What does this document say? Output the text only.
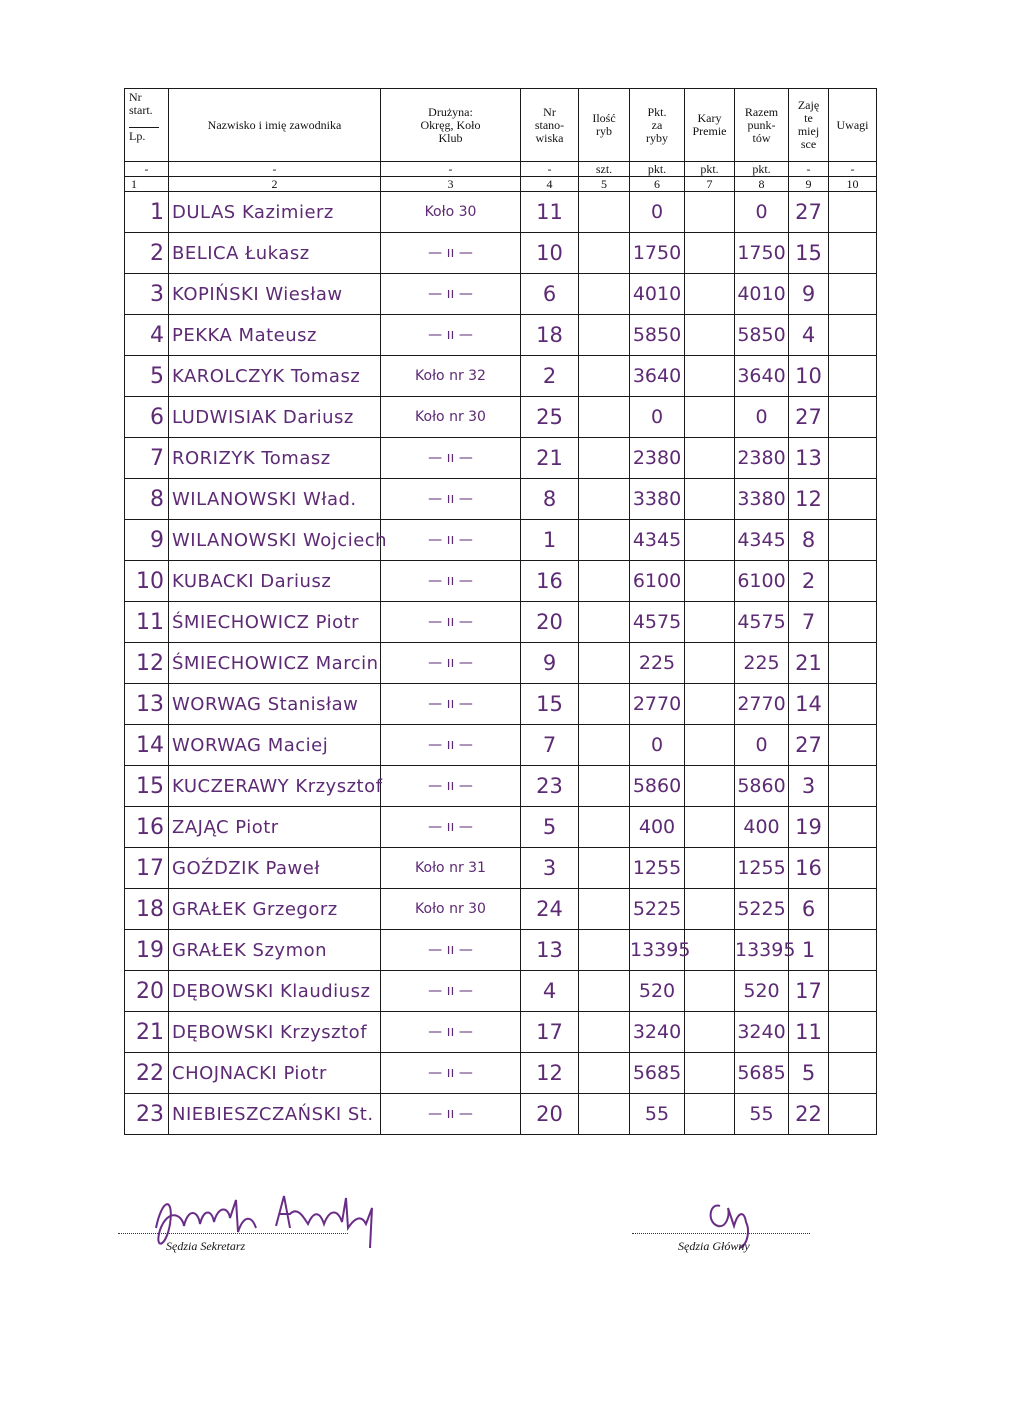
Nr
start.
Lp.	Nazwisko i imię zawodnika	Drużyna:
Okręg, Koło
Klub	Nr
stano-
wiska	Ilość
ryb	Pkt.
za
ryby	Kary
Premie	Razem
punk-
tów	Zaję
te
miej
sce	Uwagi
-	-	-	-	szt.	pkt.	pkt.	pkt.	-	-
1	2	3	4	5	6	7	8	9	10
1	DULAS Kazimierz	Koło 30	11		0		0	27	
2	BELICA Łukasz	— ıı —	10		1750		1750	15	
3	KOPIŃSKI Wiesław	— ıı —	6		4010		4010	9	
4	PEKKA Mateusz	— ıı —	18		5850		5850	4	
5	KAROLCZYK Tomasz	Koło nr 32	2		3640		3640	10	
6	LUDWISIAK Dariusz	Koło nr 30	25		0		0	27	
7	RORIZYK Tomasz	— ıı —	21		2380		2380	13	
8	WILANOWSKI Wład.	— ıı —	8		3380		3380	12	
9	WILANOWSKI Wojciech	— ıı —	1		4345		4345	8	
10	KUBACKI Dariusz	— ıı —	16		6100		6100	2	
11	ŚMIECHOWICZ Piotr	— ıı —	20		4575		4575	7	
12	ŚMIECHOWICZ Marcin	— ıı —	9		225		225	21	
13	WORWAG Stanisław	— ıı —	15		2770		2770	14	
14	WORWAG Maciej	— ıı —	7		0		0	27	
15	KUCZERAWY Krzysztof	— ıı —	23		5860		5860	3	
16	ZAJĄC Piotr	— ıı —	5		400		400	19	
17	GOŹDZIK Paweł	Koło nr 31	3		1255		1255	16	
18	GRAŁEK Grzegorz	Koło nr 30	24		5225		5225	6	
19	GRAŁEK Szymon	— ıı —	13		13395		13395	1	
20	DĘBOWSKI Klaudiusz	— ıı —	4		520		520	17	
21	DĘBOWSKI Krzysztof	— ıı —	17		3240		3240	11	
22	CHOJNACKI Piotr	— ıı —	12		5685		5685	5	
23	NIEBIESZCZAŃSKI St.	— ıı —	20		55		55	22	
Sędzia Sekretarz	Sędzia Główny
